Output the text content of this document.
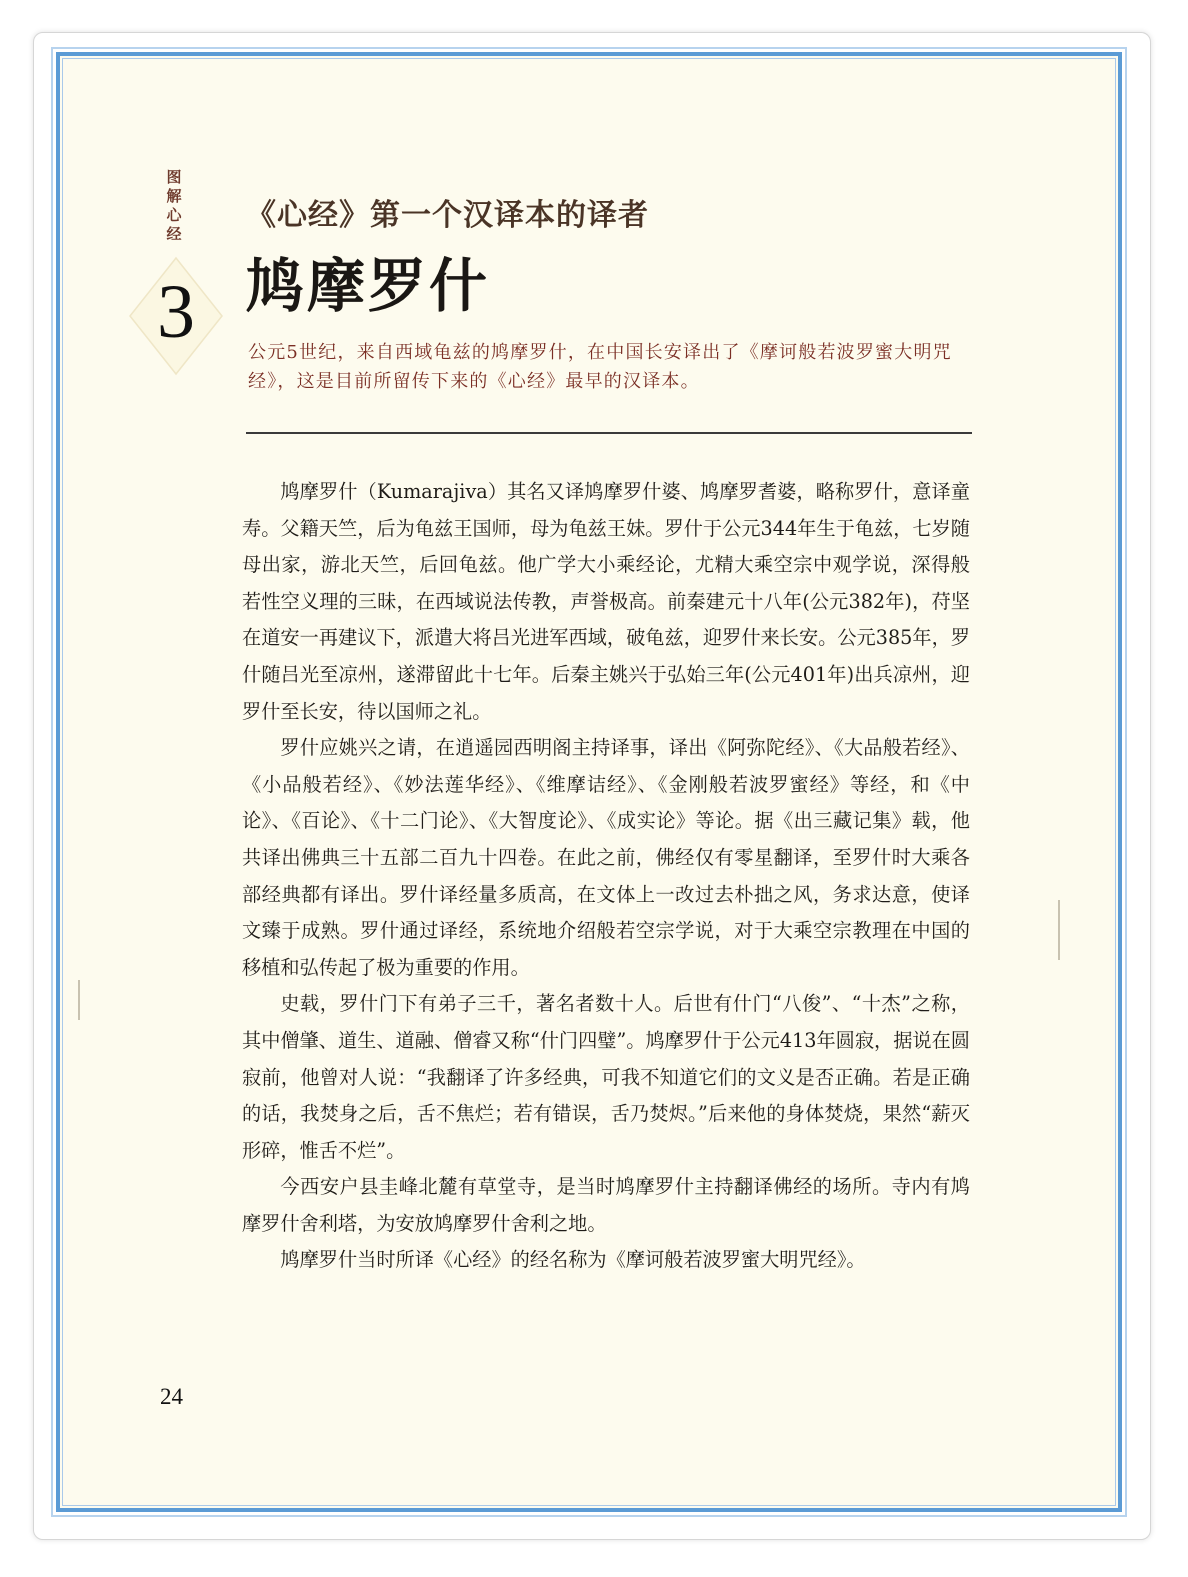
图解心经
3
《心经》第一个汉译本的译者
鸠摩罗什
公元5世纪，来自西域龟兹的鸠摩罗什，在中国长安译出了《摩诃般若波罗蜜大明咒经》，这是目前所留传下来的《心经》最早的汉译本。

鸠摩罗什（Kumarajiva）其名又译鸠摩罗什婆、鸠摩罗耆婆，略称罗什，意译童寿。父籍天竺，后为龟兹王国师，母为龟兹王妹。罗什于公元344年生于龟兹，七岁随母出家，游北天竺，后回龟兹。他广学大小乘经论，尤精大乘空宗中观学说，深得般若性空义理的三昧，在西域说法传教，声誉极高。前秦建元十八年(公元382年)，苻坚在道安一再建议下，派遣大将吕光进军西域，破龟兹，迎罗什来长安。公元385年，罗什随吕光至凉州，遂滞留此十七年。后秦主姚兴于弘始三年(公元401年)出兵凉州，迎罗什至长安，待以国师之礼。

罗什应姚兴之请，在逍遥园西明阁主持译事，译出《阿弥陀经》、《大品般若经》、《小品般若经》、《妙法莲华经》、《维摩诘经》、《金刚般若波罗蜜经》等经，和《中论》、《百论》、《十二门论》、《大智度论》、《成实论》等论。据《出三藏记集》载，他共译出佛典三十五部二百九十四卷。在此之前，佛经仅有零星翻译，至罗什时大乘各部经典都有译出。罗什译经量多质高，在文体上一改过去朴拙之风，务求达意，使译文臻于成熟。罗什通过译经，系统地介绍般若空宗学说，对于大乘空宗教理在中国的移植和弘传起了极为重要的作用。

史载，罗什门下有弟子三千，著名者数十人。后世有什门“八俊”、“十杰”之称，其中僧肇、道生、道融、僧睿又称“什门四璧”。鸠摩罗什于公元413年圆寂，据说在圆寂前，他曾对人说：“我翻译了许多经典，可我不知道它们的文义是否正确。若是正确的话，我焚身之后，舌不焦烂；若有错误，舌乃焚烬。”后来他的身体焚烧，果然“薪灭形碎，惟舌不烂”。

今西安户县圭峰北麓有草堂寺，是当时鸠摩罗什主持翻译佛经的场所。寺内有鸠摩罗什舍利塔，为安放鸠摩罗什舍利之地。

鸠摩罗什当时所译《心经》的经名称为《摩诃般若波罗蜜大明咒经》。

24
